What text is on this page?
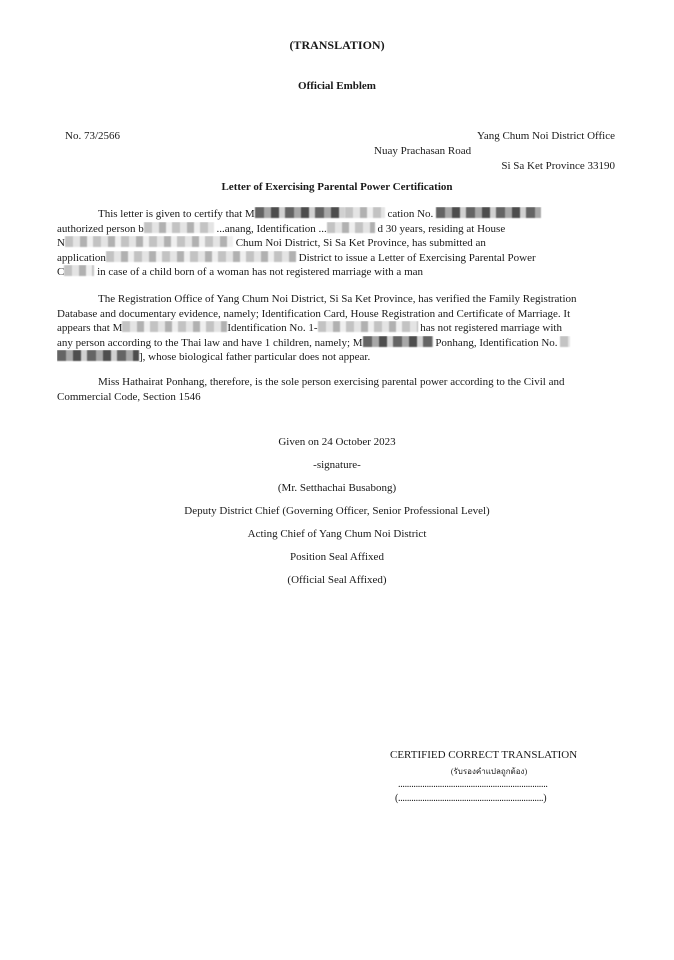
(TRANSLATION)
Official Emblem
No. 73/2566	Yang Chum Noi District Office
Nuay Prachasan Road
Si Sa Ket Province 33190
Letter of Exercising Parental Power Certification
This letter is given to certify that M	cation No.
authorized person b	...anang, Identification ...	d 30 years, residing at House
N	Chum Noi District, Si Sa Ket Province, has submitted an
application	District to issue a Letter of Exercising Parental Power
C	in case of a child born of a woman has not registered marriage with a man
The Registration Office of Yang Chum Noi District, Si Sa Ket Province, has verified the Family Registration
Database and documentary evidence, namely; Identification Card, House Registration and Certificate of Marriage. It
appears that M	Identification No. 1-	has not registered marriage with
any person according to the Thai law and have 1 children, namely; M	Ponhang, Identification No.
], whose biological father particular does not appear.
Miss Hathairat Ponhang, therefore, is the sole person exercising parental power according to the Civil and
Commercial Code, Section 1546
Given on 24 October 2023
-signature-
(Mr. Setthachai Busabong)
Deputy District Chief (Governing Officer, Senior Professional Level)
Acting Chief of Yang Chum Noi District
Position Seal Affixed
(Official Seal Affixed)
CERTIFIED CORRECT TRANSLATION
(รับรองคำแปลถูกต้อง)
....................................................................
(..................................................................)
